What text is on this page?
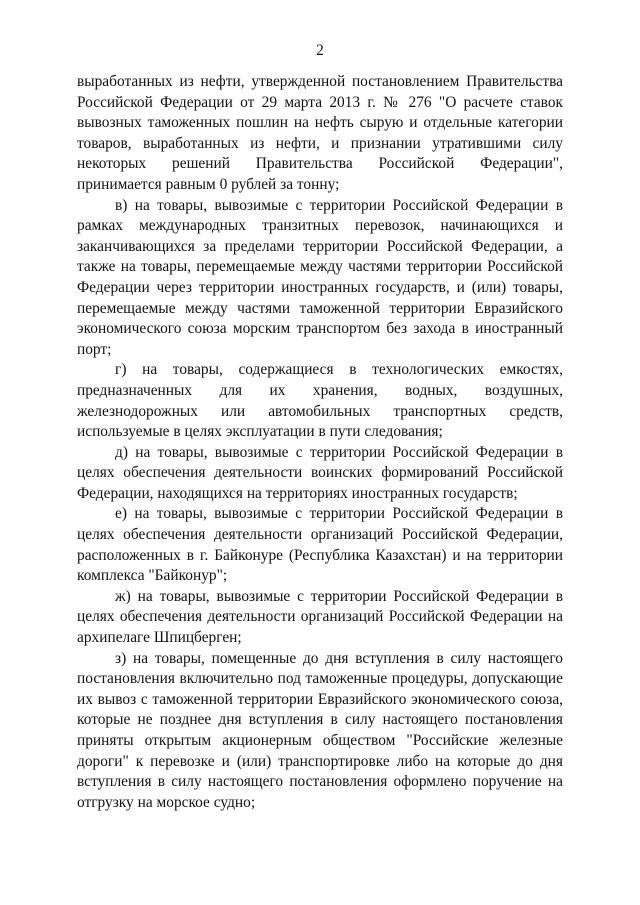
2

выработанных из нефти, утвержденной постановлением Правительства Российской Федерации от 29 марта 2013 г. № 276 "О расчете ставок вывозных таможенных пошлин на нефть сырую и отдельные категории товаров, выработанных из нефти, и признании утратившими силу некоторых решений Правительства Российской Федерации", принимается равным 0 рублей за тонну;

в) на товары, вывозимые с территории Российской Федерации в рамках международных транзитных перевозок, начинающихся и заканчивающихся за пределами территории Российской Федерации, а также на товары, перемещаемые между частями территории Российской Федерации через территории иностранных государств, и (или) товары, перемещаемые между частями таможенной территории Евразийского экономического союза морским транспортом без захода в иностранный порт;

г) на товары, содержащиеся в технологических емкостях, предназначенных для их хранения, водных, воздушных, железнодорожных или автомобильных транспортных средств, используемые в целях эксплуатации в пути следования;

д) на товары, вывозимые с территории Российской Федерации в целях обеспечения деятельности воинских формирований Российской Федерации, находящихся на территориях иностранных государств;

е) на товары, вывозимые с территории Российской Федерации в целях обеспечения деятельности организаций Российской Федерации, расположенных в г. Байконуре (Республика Казахстан) и на территории комплекса "Байконур";

ж) на товары, вывозимые с территории Российской Федерации в целях обеспечения деятельности организаций Российской Федерации на архипелаге Шпицберген;

з) на товары, помещенные до дня вступления в силу настоящего постановления включительно под таможенные процедуры, допускающие их вывоз с таможенной территории Евразийского экономического союза, которые не позднее дня вступления в силу настоящего постановления приняты открытым акционерным обществом "Российские железные дороги" к перевозке и (или) транспортировке либо на которые до дня вступления в силу настоящего постановления оформлено поручение на отгрузку на морское судно;
